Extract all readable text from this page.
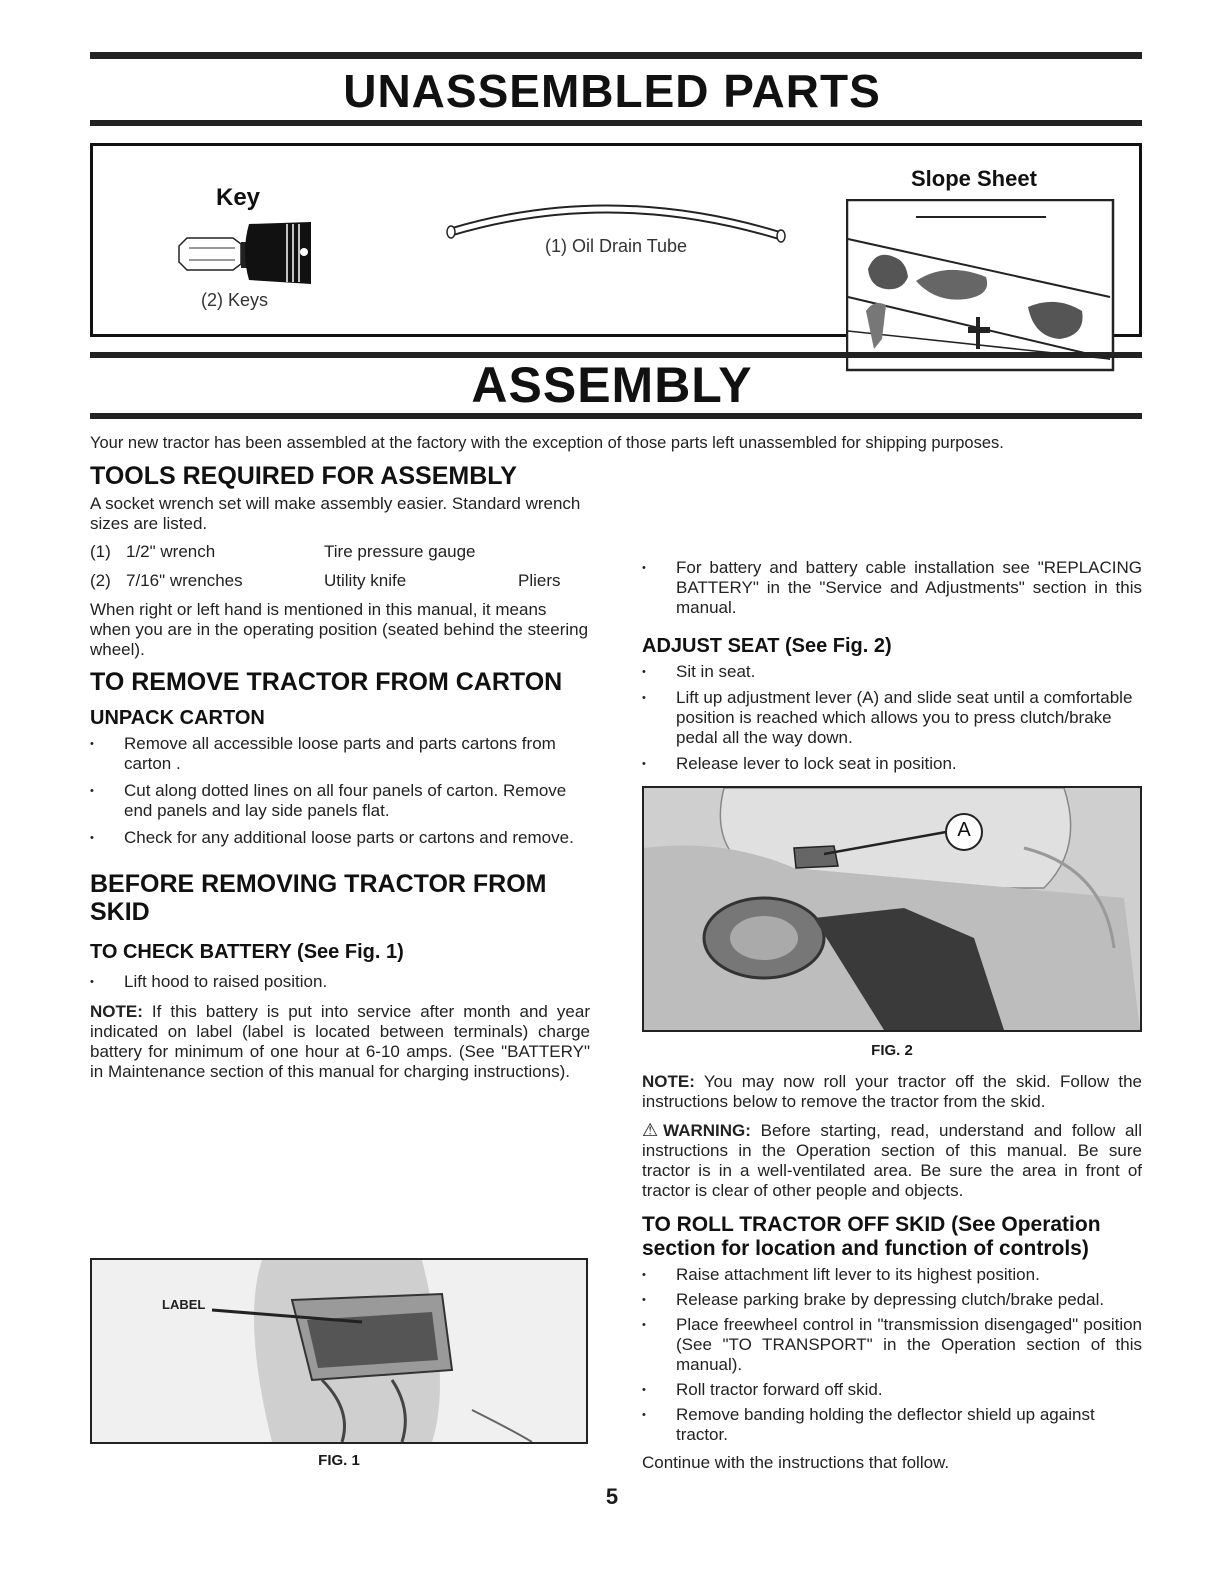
UNASSEMBLED PARTS
Key
(2) Keys
(1) Oil Drain Tube
Slope Sheet
ASSEMBLY
Your new tractor has been assembled at the factory with the exception of those parts left unassembled for shipping purposes.
TOOLS REQUIRED FOR ASSEMBLY

A socket wrench set will make assembly easier. Standard wrench sizes are listed.

(1) 1/2" wrench	Tire pressure gauge
(2) 7/16" wrenches	Utility knife	Pliers

When right or left hand is mentioned in this manual, it means when you are in the operating position (seated behind the steering wheel).

TO REMOVE TRACTOR FROM CARTON
UNPACK CARTON
• Remove all accessible loose parts and parts cartons from carton .
• Cut along dotted lines on all four panels of carton. Remove end panels and lay side panels flat.
• Check for any additional loose parts or cartons and remove.
BEFORE REMOVING TRACTOR FROM SKID
TO CHECK BATTERY (See Fig. 1)
• Lift hood to raised position.

NOTE: If this battery is put into service after month and year indicated on label (label is located between terminals) charge battery for minimum of one hour at 6-10 amps. (See "BATTERY" in Maintenance section of this manual for charging instructions).

LABEL
FIG. 1
• For battery and battery cable installation see "REPLACING BATTERY" in the "Service and Adjustments" section in this manual.
ADJUST SEAT (See Fig. 2)
• Sit in seat.
• Lift up adjustment lever (A) and slide seat until a comfortable position is reached which allows you to press clutch/brake pedal all the way down.
• Release lever to lock seat in position.
A
FIG. 2

NOTE: You may now roll your tractor off the skid. Follow the instructions below to remove the tractor from the skid.

⚠WARNING: Before starting, read, understand and follow all instructions in the Operation section of this manual. Be sure tractor is in a well-ventilated area. Be sure the area in front of tractor is clear of other people and objects.

TO ROLL TRACTOR OFF SKID (See Operation section for location and function of controls)
• Raise attachment lift lever to its highest position.
• Release parking brake by depressing clutch/brake pedal.
• Place freewheel control in "transmission disengaged" position (See "TO TRANSPORT" in the Operation section of this manual).
• Roll tractor forward off skid.
• Remove banding holding the deflector shield up against tractor.

Continue with the instructions that follow.

5
